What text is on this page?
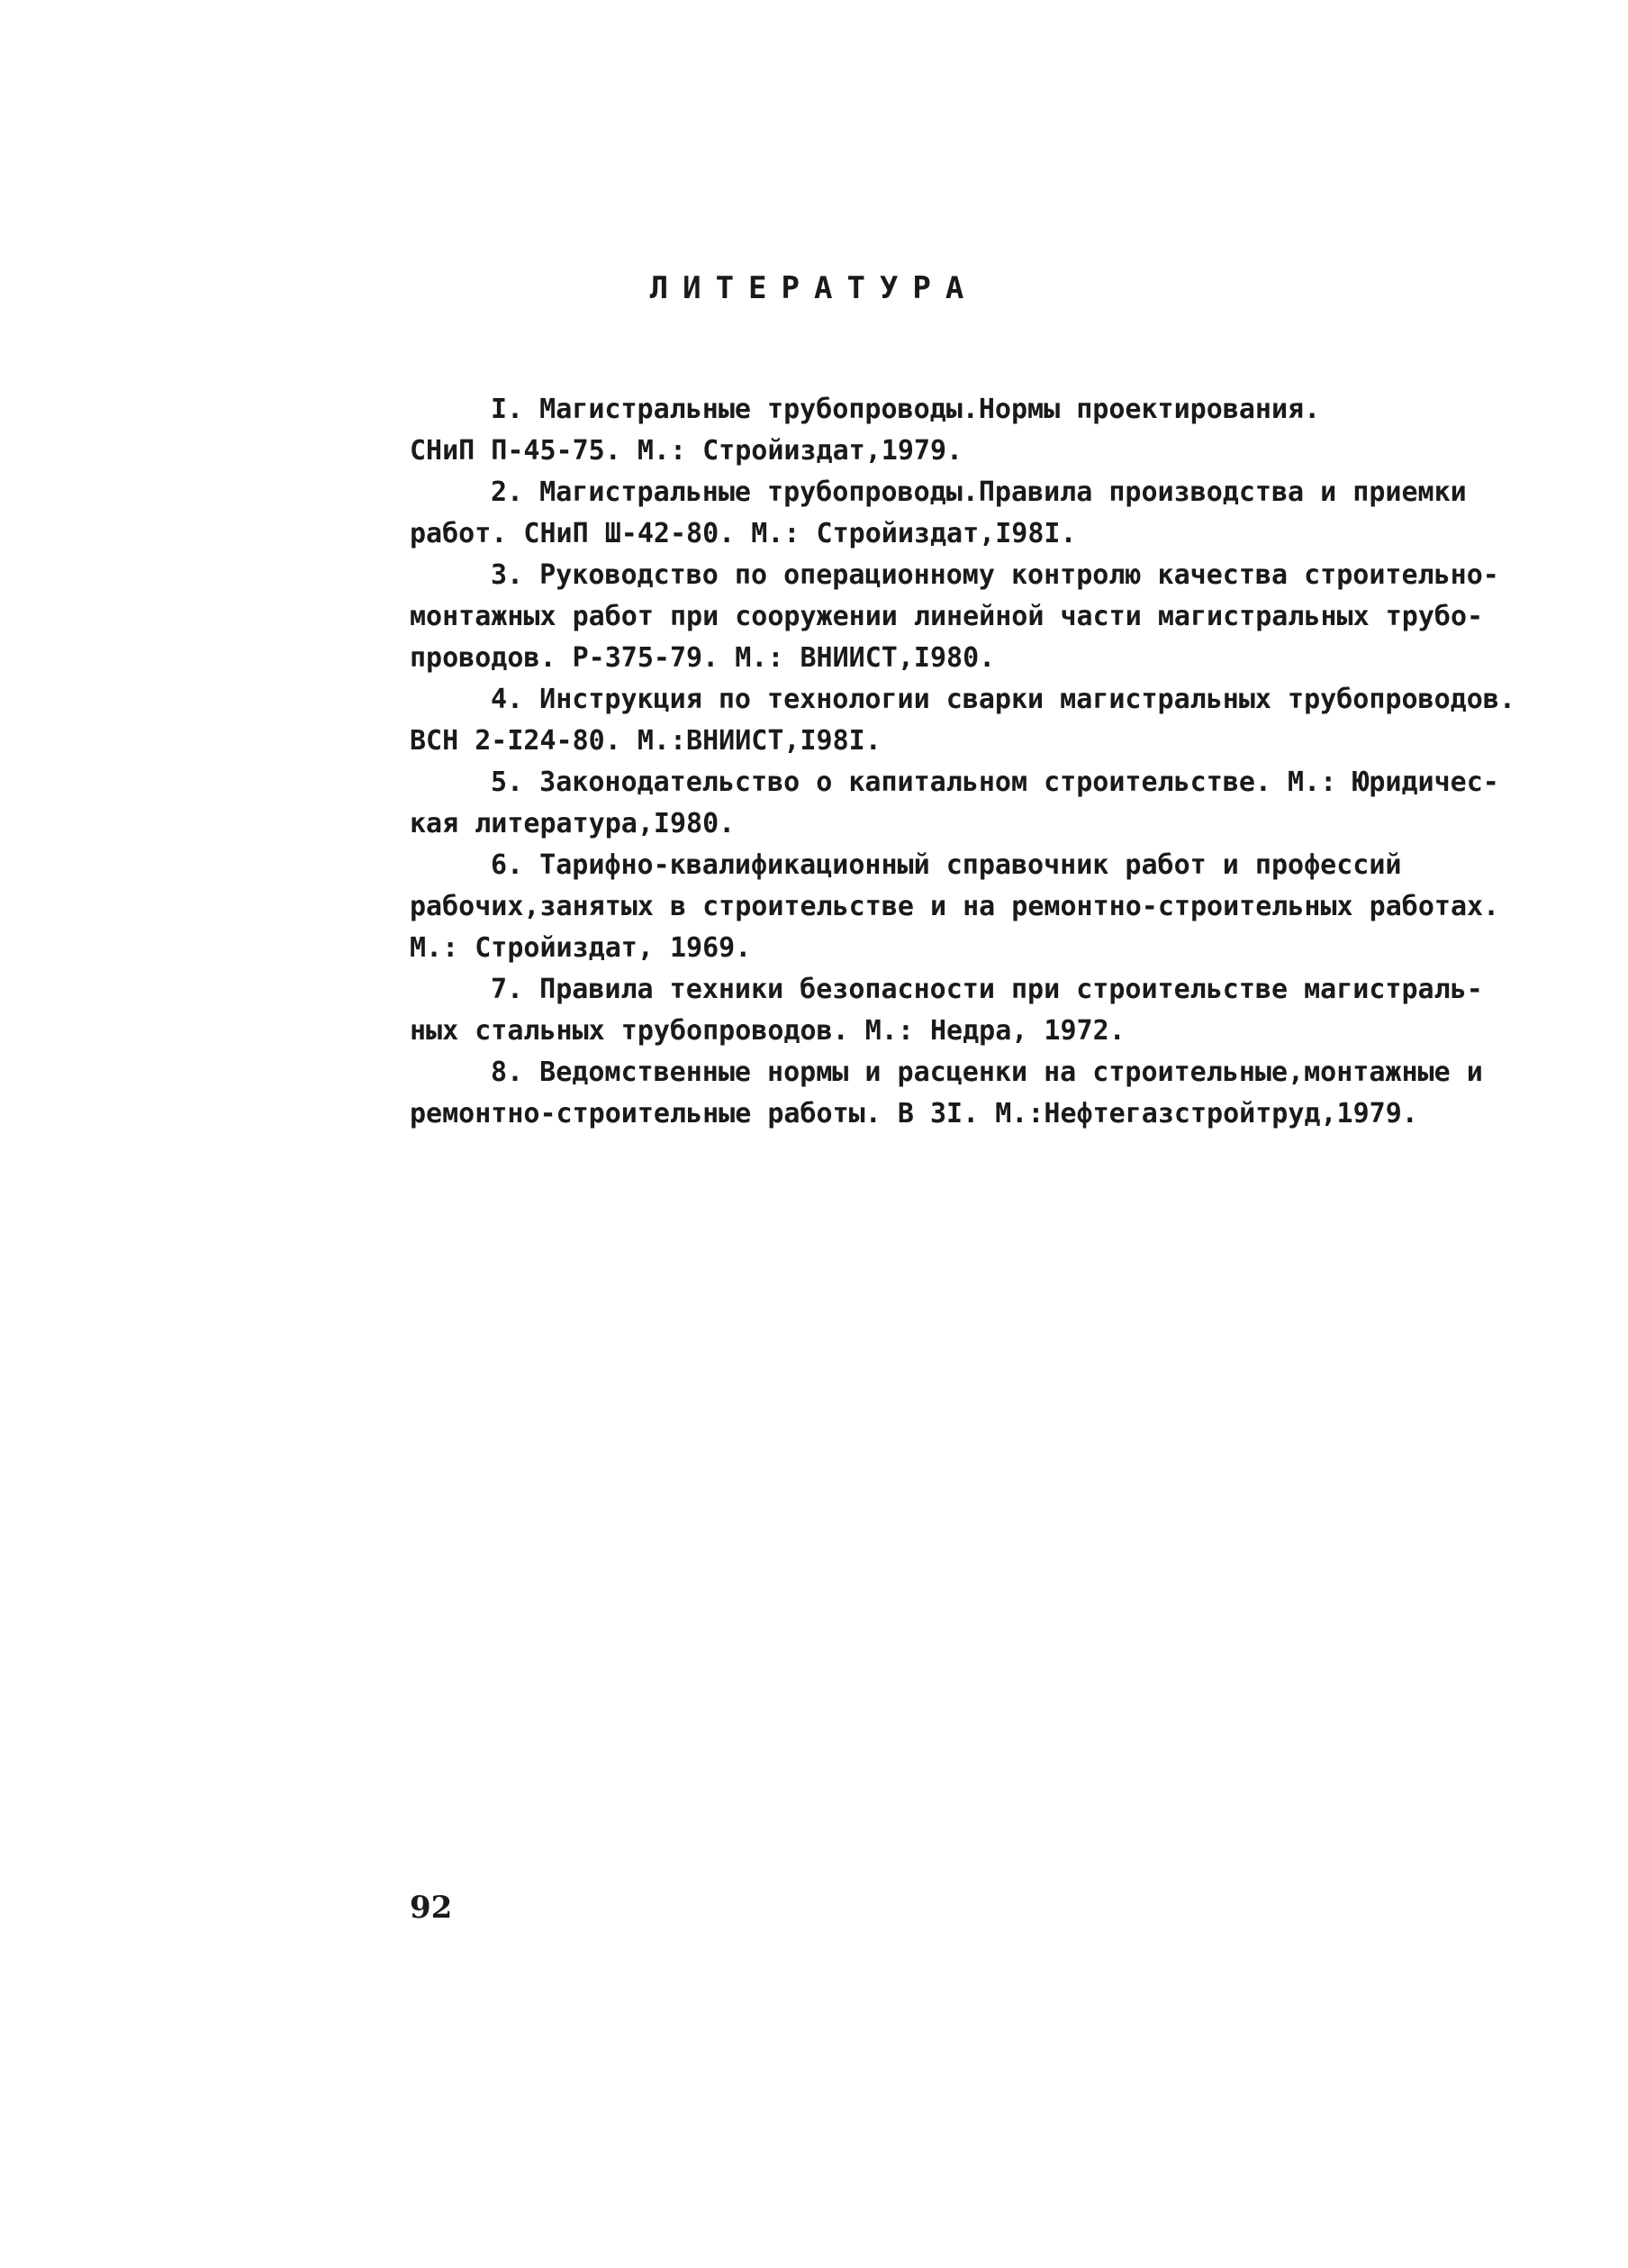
ЛИТЕРАТУРА
I. Магистральные трубопроводы.Нормы проектирования.
СНиП П-45-75. М.: Стройиздат,1979.
2. Магистральные трубопроводы.Правила производства и приемки
работ. СНиП Ш-42-80. М.: Стройиздат,I98I.
3. Руководство по операционному контролю качества строительно-
монтажных работ при сооружении линейной части магистральных трубо-
проводов. Р-375-79. М.: ВНИИСТ,I980.
4. Инструкция по технологии сварки магистральных трубопроводов.
ВСН 2-I24-80. М.:ВНИИСТ,I98I.
5. Законодательство о капитальном строительстве. М.: Юридичес-
кая литература,I980.
6. Тарифно-квалификационный справочник работ и профессий
рабочих,занятых в строительстве и на ремонтно-строительных работах.
М.: Стройиздат, 1969.
7. Правила техники безопасности при строительстве магистраль-
ных стальных трубопроводов. М.: Недра, 1972.
8. Ведомственные нормы и расценки на строительные,монтажные и
ремонтно-строительные работы. В 3I. М.:Нефтегазстройтруд,1979.
92
